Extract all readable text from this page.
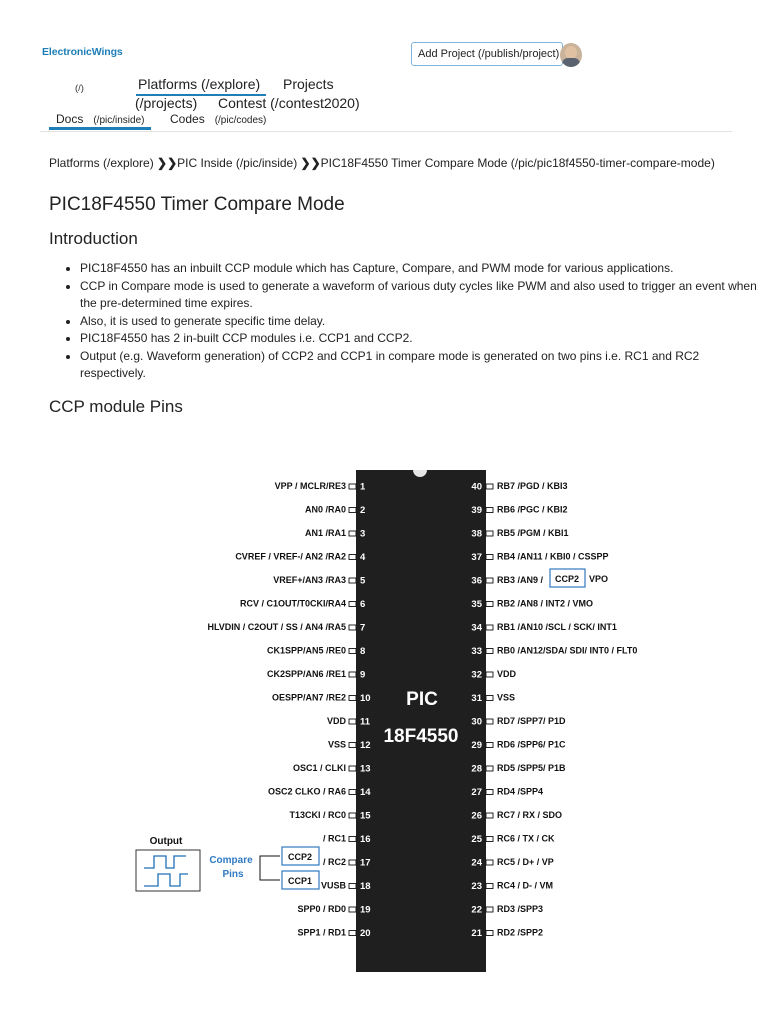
ElectronicWings	Add Project (/publish/project)
(/)	Platforms (/explore) Projects
(/projects) Contest (/contest2020)
Docs (/pic/inside) Codes (/pic/codes)
Platforms (/explore) ❯❯PIC Inside (/pic/inside) ❯❯PIC18F4550 Timer Compare Mode (/pic/pic18f4550-timer-compare-mode)
PIC18F4550 Timer Compare Mode
Introduction
• PIC18F4550 has an inbuilt CCP module which has Capture, Compare, and PWM mode for various applications.
• CCP in Compare mode is used to generate a waveform of various duty cycles like PWM and also used to trigger an event when the pre-determined time expires.
• Also, it is used to generate specific time delay.
• PIC18F4550 has 2 in-built CCP modules i.e. CCP1 and CCP2.
• Output (e.g. Waveform generation) of CCP2 and CCP1 in compare mode is generated on two pins i.e. RC1 and RC2 respectively.
CCP module Pins
PIC
18F4550
VPP / MCLR/RE3 1
AN0 /RA0 2
AN1 /RA1 3
CVREF / VREF-/ AN2 /RA2 4
VREF+/AN3 /RA3 5
RCV / C1OUT/T0CKI/RA4 6
HLVDIN / C2OUT / SS / AN4 /RA5 7
CK1SPP/AN5 /RE0 8
CK2SPP/AN6 /RE1 9
OESPP/AN7 /RE2 10
VDD 11
VSS 12
OSC1 / CLKI 13
OSC2 CLKO / RA6 14
T13CKI / RC0 15
/ RC1 16
/ RC2 17
VUSB 18
SPP0 / RD0 19
SPP1 / RD1 20
40 RB7 /PGD / KBI3
39 RB6 /PGC / KBI2
38 RB5 /PGM / KBI1
37 RB4 /AN11 / KBI0 / CSSPP
36 RB3 /AN9 /
35 RB2 /AN8 / INT2 / VMO
34 RB1 /AN10 /SCL / SCK/ INT1
33 RB0 /AN12/SDA/ SDI/ INT0 / FLT0
32 VDD
31 VSS
30 RD7 /SPP7/ P1D
29 RD6 /SPP6/ P1C
28 RD5 /SPP5/ P1B
27 RD4 /SPP4
26 RC7 / RX / SDO
25 RC6 / TX / CK
24 RC5 / D+ / VP
23 RC4 / D- / VM
22 RD3 /SPP3
21 RD2 /SPP2
Output
Compare
Pins
CCP2
CCP1
CCP2 VPO
